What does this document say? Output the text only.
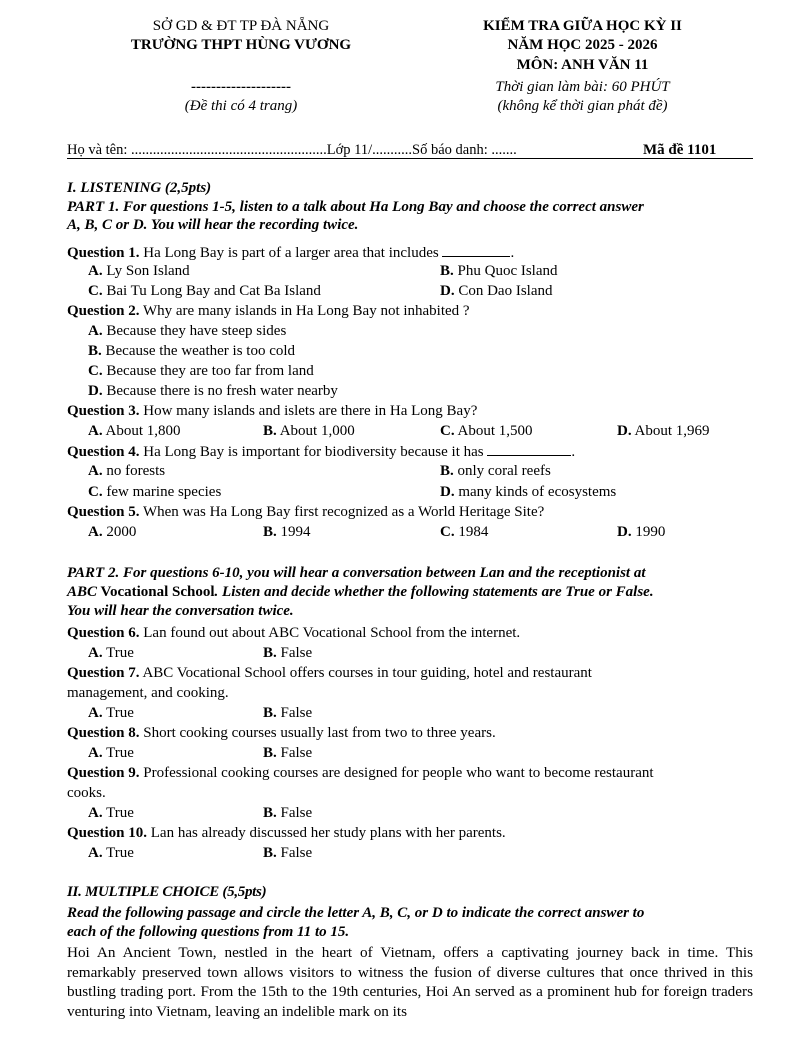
SỞ GD & ĐT TP ĐÀ NẴNG
TRƯỜNG THPT HÙNG VƯƠNG
--------------------
(Đề thi có 4 trang)
KIỂM TRA GIỮA HỌC KỲ II
NĂM HỌC 2025 - 2026
MÔN: ANH VĂN 11
Thời gian làm bài: 60 PHÚT
(không kể thời gian phát đề)
Họ và tên: ......................................................Lớp 11/...........Số báo danh: .......	Mã đề 1101
I. LISTENING (2,5pts)
PART 1. For questions 1-5, listen to a talk about Ha Long Bay and choose the correct answer
A, B, C or D. You will hear the recording twice.
Question 1. Ha Long Bay is part of a larger area that includes	.
A. Ly Son Island	B. Phu Quoc Island
C. Bai Tu Long Bay and Cat Ba Island	D. Con Dao Island
Question 2. Why are many islands in Ha Long Bay not inhabited ?
A. Because they have steep sides
B. Because the weather is too cold
C. Because they are too far from land
D. Because there is no fresh water nearby
Question 3. How many islands and islets are there in Ha Long Bay?
A. About 1,800	B. About 1,000	C. About 1,500	D. About 1,969
Question 4. Ha Long Bay is important for biodiversity because it has	.
A. no forests	B. only coral reefs
C. few marine species	D. many kinds of ecosystems
Question 5. When was Ha Long Bay first recognized as a World Heritage Site?
A. 2000	B. 1994	C. 1984	D. 1990
PART 2. For questions 6-10, you will hear a conversation between Lan and the receptionist at
ABC Vocational School. Listen and decide whether the following statements are True or False.
You will hear the conversation twice.
Question 6. Lan found out about ABC Vocational School from the internet.
A. True	B. False
Question 7. ABC Vocational School offers courses in tour guiding, hotel and restaurant
management, and cooking.
A. True	B. False
Question 8. Short cooking courses usually last from two to three years.
A. True	B. False
Question 9. Professional cooking courses are designed for people who want to become restaurant
cooks.
A. True	B. False
Question 10. Lan has already discussed her study plans with her parents.
A. True	B. False
II. MULTIPLE CHOICE (5,5pts)
Read the following passage and circle the letter A, B, C, or D to indicate the correct answer to
each of the following questions from 11 to 15.
Hoi An Ancient Town, nestled in the heart of Vietnam, offers a captivating journey back in time. This remarkably preserved town allows visitors to witness the fusion of diverse cultures that once thrived in this bustling trading port. From the 15th to the 19th centuries, Hoi An served as a prominent hub for foreign traders venturing into Vietnam, leaving an indelible mark on its
